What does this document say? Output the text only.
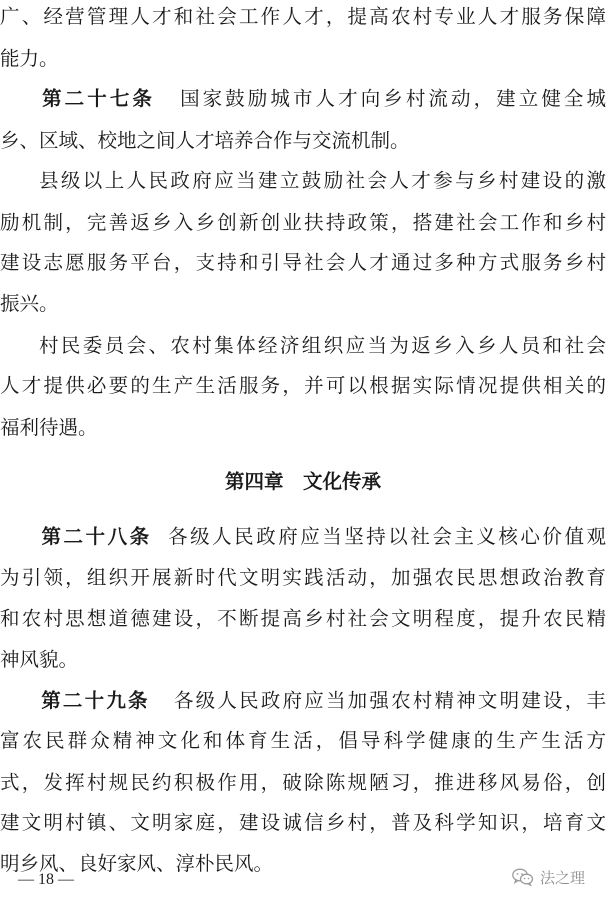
广、经营管理人才和社会工作人才，提高农村专业人才服务保障
能力。
第二十七条 国家鼓励城市人才向乡村流动，建立健全城
乡、区域、校地之间人才培养合作与交流机制。
县级以上人民政府应当建立鼓励社会人才参与乡村建设的激
励机制，完善返乡入乡创新创业扶持政策，搭建社会工作和乡村
建设志愿服务平台，支持和引导社会人才通过多种方式服务乡村
振兴。
村民委员会、农村集体经济组织应当为返乡入乡人员和社会
人才提供必要的生产生活服务，并可以根据实际情况提供相关的
福利待遇。
第四章　文化传承
第二十八条 各级人民政府应当坚持以社会主义核心价值观
为引领，组织开展新时代文明实践活动，加强农民思想政治教育
和农村思想道德建设，不断提高乡村社会文明程度，提升农民精
神风貌。
第二十九条 各级人民政府应当加强农村精神文明建设，丰
富农民群众精神文化和体育生活，倡导科学健康的生产生活方
式，发挥村规民约积极作用，破除陈规陋习，推进移风易俗，创
建文明村镇、文明家庭，建设诚信乡村，普及科学知识，培育文
明乡风、良好家风、淳朴民风。
— 18 —	法之理
